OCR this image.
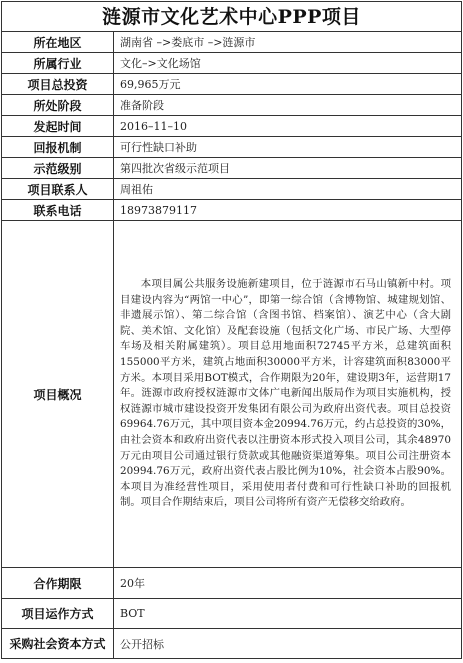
涟源市文化艺术中心PPP项目
所在地区	湖南省 –>娄底市 –>涟源市
所属行业	文化–>文化场馆
项目总投资	69,965万元
所处阶段	准备阶段
发起时间	2016–11–10
回报机制	可行性缺口补助
示范级别	第四批次省级示范项目
项目联系人	周祖佑
联系电话	18973879117
项目概况	本项目属公共服务设施新建项目，位于涟源市石马山镇新中村。项目建设内容为“两馆一中心”，即第一综合馆（含博物馆、城建规划馆、非遗展示馆）、第二综合馆（含图书馆、档案馆）、演艺中心（含大剧院、美术馆、文化馆）及配套设施（包括文化广场、市民广场、大型停车场及相关附属建筑）。项目总用地面积72745平方米，总建筑面积155000平方米，建筑占地面积30000平方米，计容建筑面积83000平方米。本项目采用BOT模式，合作期限为20年，建设期3年，运营期17年。涟源市政府授权涟源市文体广电新闻出版局作为项目实施机构，授权涟源市城市建设投资开发集团有限公司为政府出资代表。项目总投资69964.76万元，其中项目资本金20994.76万元，约占总投资的30%，由社会资本和政府出资代表以注册资本形式投入项目公司，其余48970万元由项目公司通过银行贷款或其他融资渠道筹集。项目公司注册资本20994.76万元，政府出资代表占股比例为10%，社会资本占股90%。本项目为准经营性项目，采用使用者付费和可行性缺口补助的回报机制。项目合作期结束后，项目公司将所有资产无偿移交给政府。

合作期限	20年
项目运作方式	BOT
采购社会资本方式	公开招标
